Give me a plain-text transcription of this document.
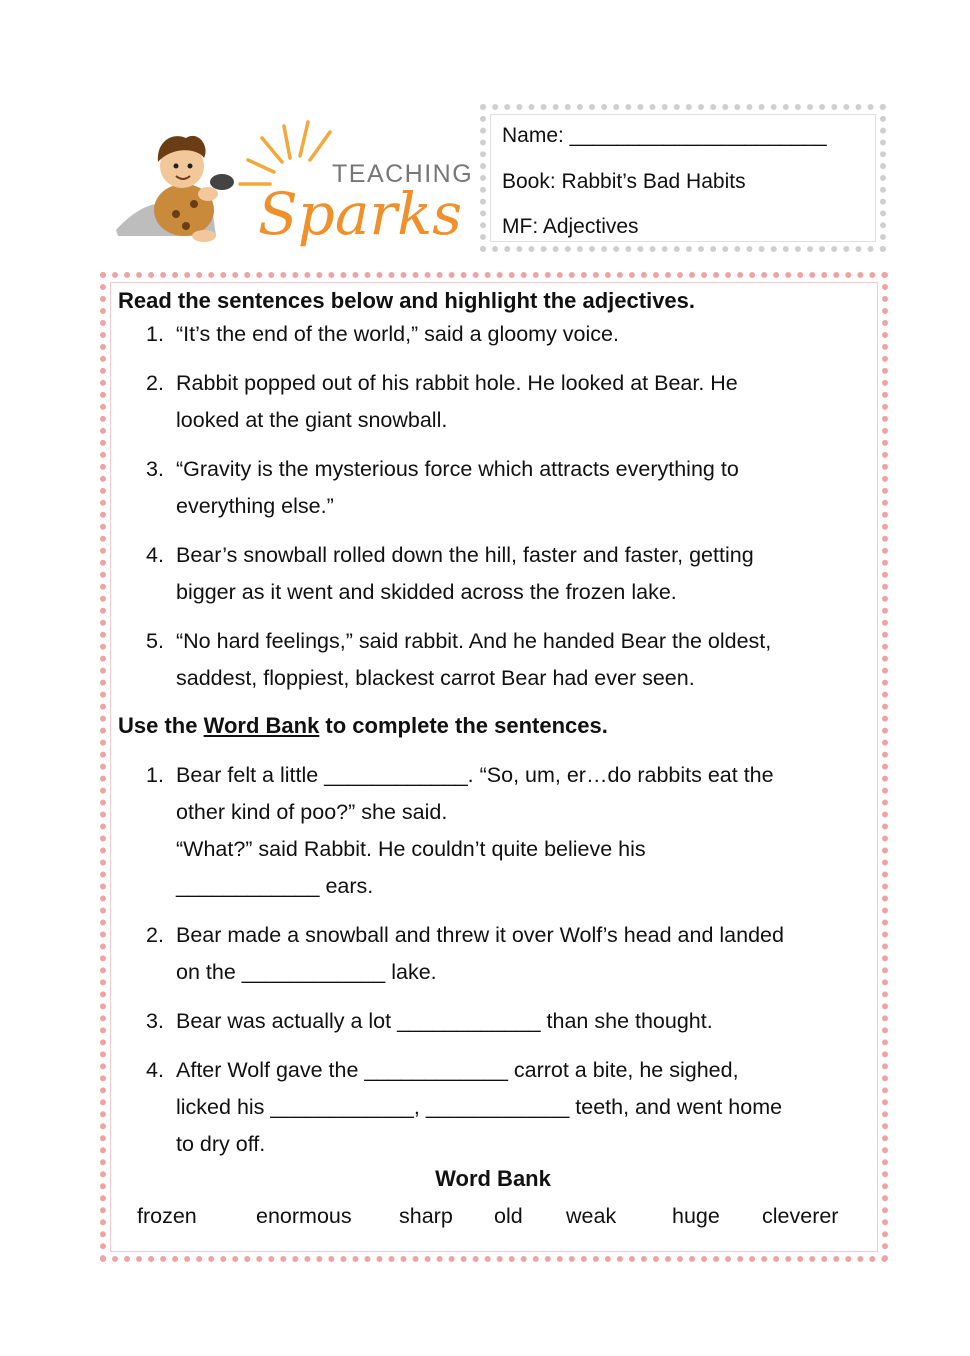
TEACHING
Sparks
Name: ______________________
Book: Rabbit’s Bad Habits
MF: Adjectives
Read the sentences below and highlight the adjectives.
1. “It’s the end of the world,” said a gloomy voice.
2. Rabbit popped out of his rabbit hole. He looked at Bear. He
looked at the giant snowball.
3. “Gravity is the mysterious force which attracts everything to
everything else.”
4. Bear’s snowball rolled down the hill, faster and faster, getting
bigger as it went and skidded across the frozen lake.
5. “No hard feelings,” said rabbit. And he handed Bear the oldest,
saddest, floppiest, blackest carrot Bear had ever seen.
Use the Word Bank to complete the sentences.
1. Bear felt a little ____________. “So, um, er…do rabbits eat the
other kind of poo?” she said.
“What?” said Rabbit. He couldn’t quite believe his
____________ ears.
2. Bear made a snowball and threw it over Wolf’s head and landed
on the ____________ lake.
3. Bear was actually a lot ____________ than she thought.
4. After Wolf gave the ____________ carrot a bite, he sighed,
licked his ____________, ____________ teeth, and went home
to dry off.
Word Bank
frozen	enormous sharp old weak	huge cleverer
